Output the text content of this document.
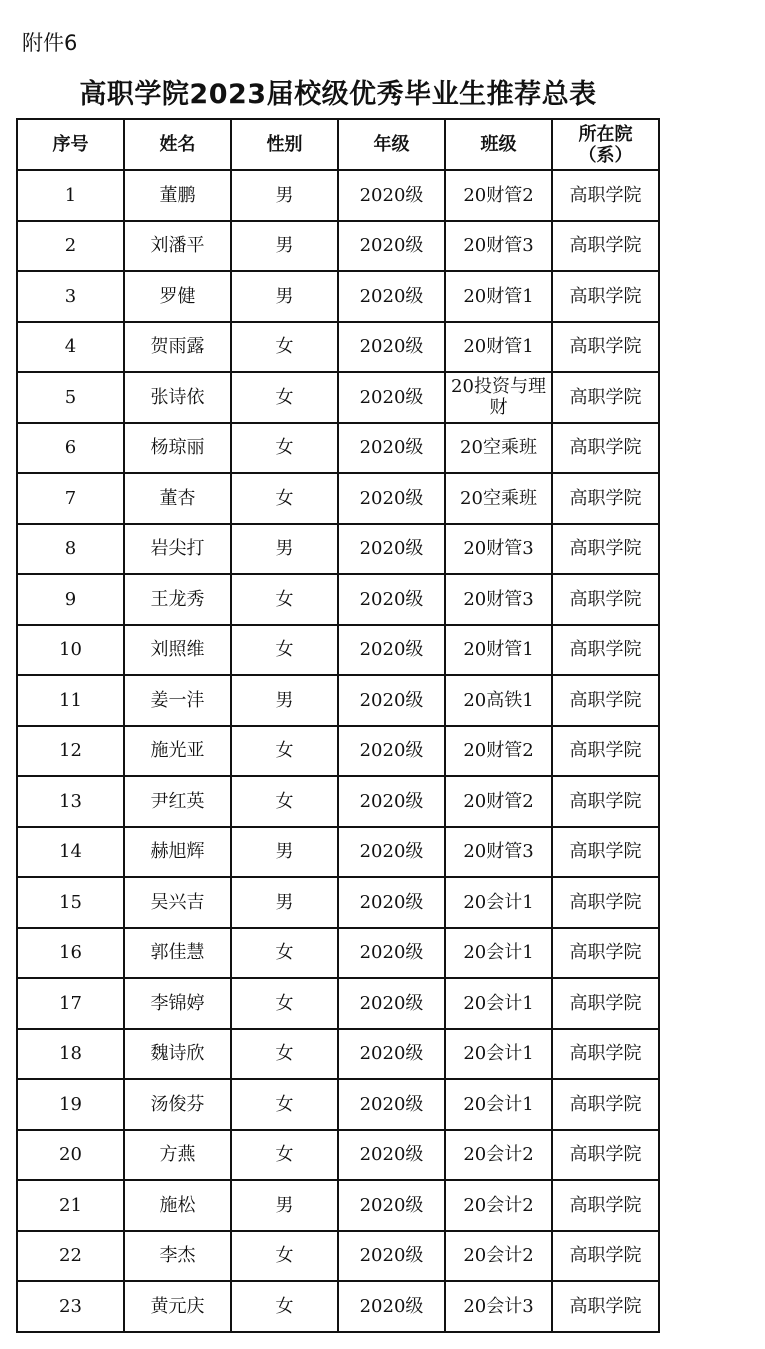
附件6
高职学院2023届校级优秀毕业生推荐总表
序号	姓名	性别	年级	班级	所在院
（系）
1	董鹏	男	2020级	20财管2	高职学院
2	刘潘平	男	2020级	20财管3	高职学院
3	罗健	男	2020级	20财管1	高职学院
4	贺雨露	女	2020级	20财管1	高职学院
5	张诗依	女	2020级	20投资与理财	高职学院
6	杨琼丽	女	2020级	20空乘班	高职学院
7	董杏	女	2020级	20空乘班	高职学院
8	岩尖打	男	2020级	20财管3	高职学院
9	王龙秀	女	2020级	20财管3	高职学院
10	刘照维	女	2020级	20财管1	高职学院
11	姜一沣	男	2020级	20高铁1	高职学院
12	施光亚	女	2020级	20财管2	高职学院
13	尹红英	女	2020级	20财管2	高职学院
14	赫旭辉	男	2020级	20财管3	高职学院
15	吴兴吉	男	2020级	20会计1	高职学院
16	郭佳慧	女	2020级	20会计1	高职学院
17	李锦婷	女	2020级	20会计1	高职学院
18	魏诗欣	女	2020级	20会计1	高职学院
19	汤俊芬	女	2020级	20会计1	高职学院
20	方燕	女	2020级	20会计2	高职学院
21	施松	男	2020级	20会计2	高职学院
22	李杰	女	2020级	20会计2	高职学院
23	黄元庆	女	2020级	20会计3	高职学院
